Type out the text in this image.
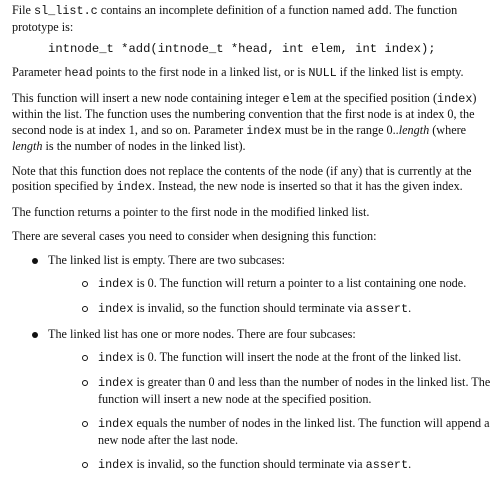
File sl_list.c contains an incomplete definition of a function named add. The function prototype is:

intnode_t *add(intnode_t *head, int elem, int index);

Parameter head points to the first node in a linked list, or is NULL if the linked list is empty.

This function will insert a new node containing integer elem at the specified position (index) within the list. The function uses the numbering convention that the first node is at index 0, the second node is at index 1, and so on. Parameter index must be in the range 0..length (where length is the number of nodes in the linked list).

Note that this function does not replace the contents of the node (if any) that is currently at the position specified by index. Instead, the new node is inserted so that it has the given index.

The function returns a pointer to the first node in the modified linked list.

There are several cases you need to consider when designing this function:

The linked list is empty. There are two subcases:
index is 0. The function will return a pointer to a list containing one node.
index is invalid, so the function should terminate via assert.
The linked list has one or more nodes. There are four subcases:
index is 0. The function will insert the node at the front of the linked list.
index is greater than 0 and less than the number of nodes in the linked list. The function will insert a new node at the specified position.
index equals the number of nodes in the linked list. The function will append a new node after the last node.
index is invalid, so the function should terminate via assert.
